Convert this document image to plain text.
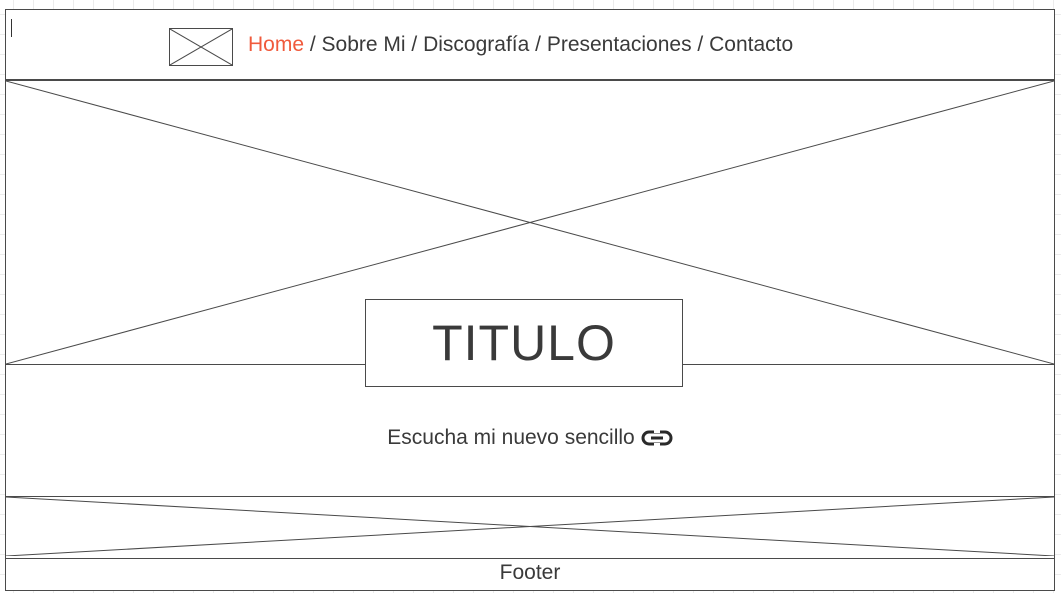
Home / Sobre Mi / Discografía / Presentaciones / Contacto
TITULO
Escucha mi nuevo sencillo
Footer
